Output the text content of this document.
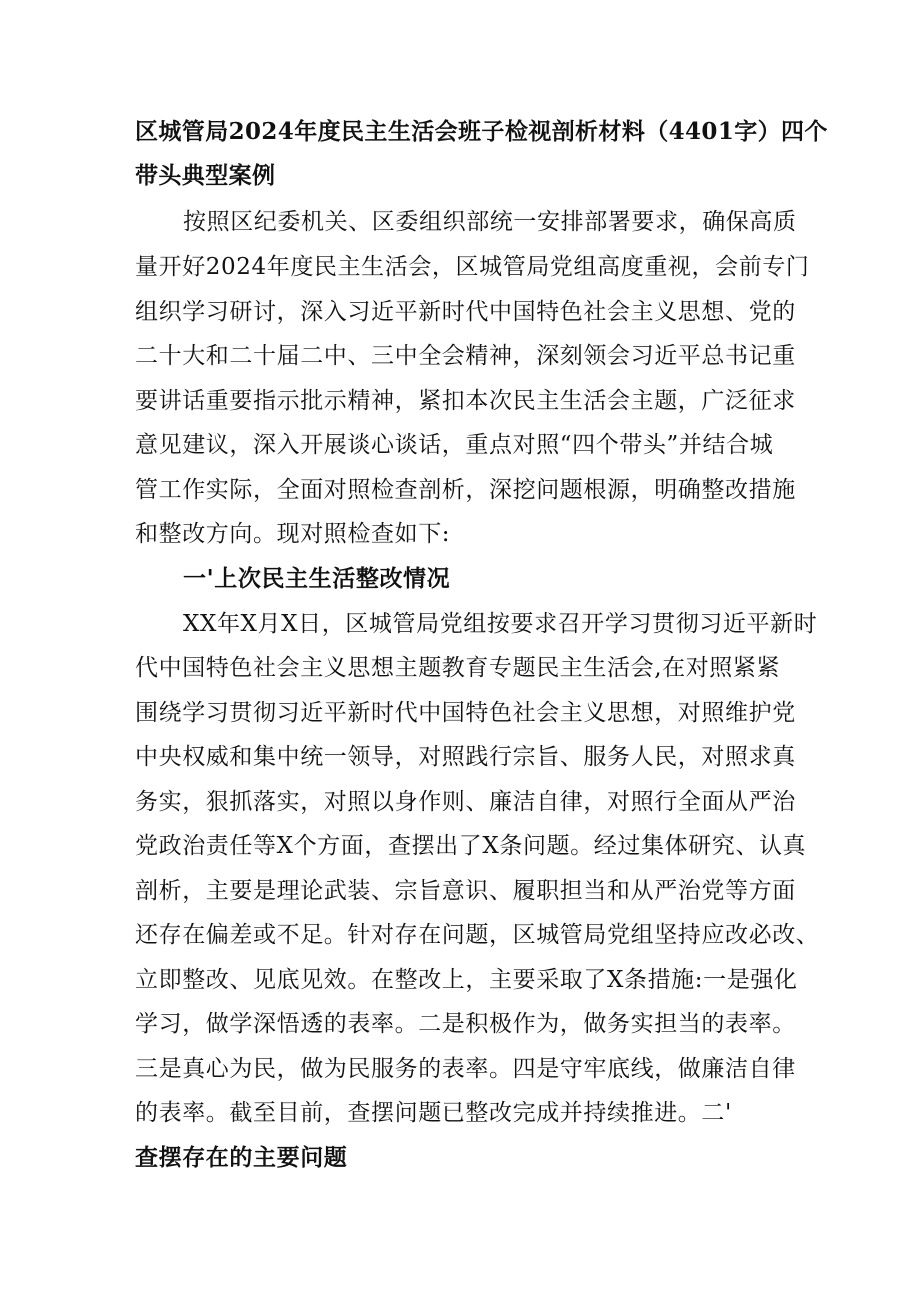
区城管局2024年度民主生活会班子检视剖析材料（4401字）四个
带头典型案例
按照区纪委机关、区委组织部统一安排部署要求，确保高质
量开好2024年度民主生活会，区城管局党组高度重视，会前专门
组织学习研讨，深入习近平新时代中国特色社会主义思想、党的
二十大和二十届二中、三中全会精神，深刻领会习近平总书记重
要讲话重要指示批示精神，紧扣本次民主生活会主题，广泛征求
意见建议，深入开展谈心谈话，重点对照“四个带头”并结合城
管工作实际，全面对照检查剖析，深挖问题根源，明确整改措施
和整改方向。现对照检查如下:
一'上次民主生活整改情况
XX年X月X日，区城管局党组按要求召开学习贯彻习近平新时
代中国特色社会主义思想主题教育专题民主生活会,在对照紧紧
围绕学习贯彻习近平新时代中国特色社会主义思想，对照维护党
中央权威和集中统一领导，对照践行宗旨、服务人民，对照求真
务实，狠抓落实，对照以身作则、廉洁自律，对照行全面从严治
党政治责任等X个方面，查摆出了X条问题。经过集体研究、认真
剖析，主要是理论武装、宗旨意识、履职担当和从严治党等方面
还存在偏差或不足。针对存在问题，区城管局党组坚持应改必改、
立即整改、见底见效。在整改上，主要采取了X条措施:一是强化
学习，做学深悟透的表率。二是积极作为，做务实担当的表率。
三是真心为民，做为民服务的表率。四是守牢底线，做廉洁自律
的表率。截至目前，查摆问题已整改完成并持续推进。二'
查摆存在的主要问题
